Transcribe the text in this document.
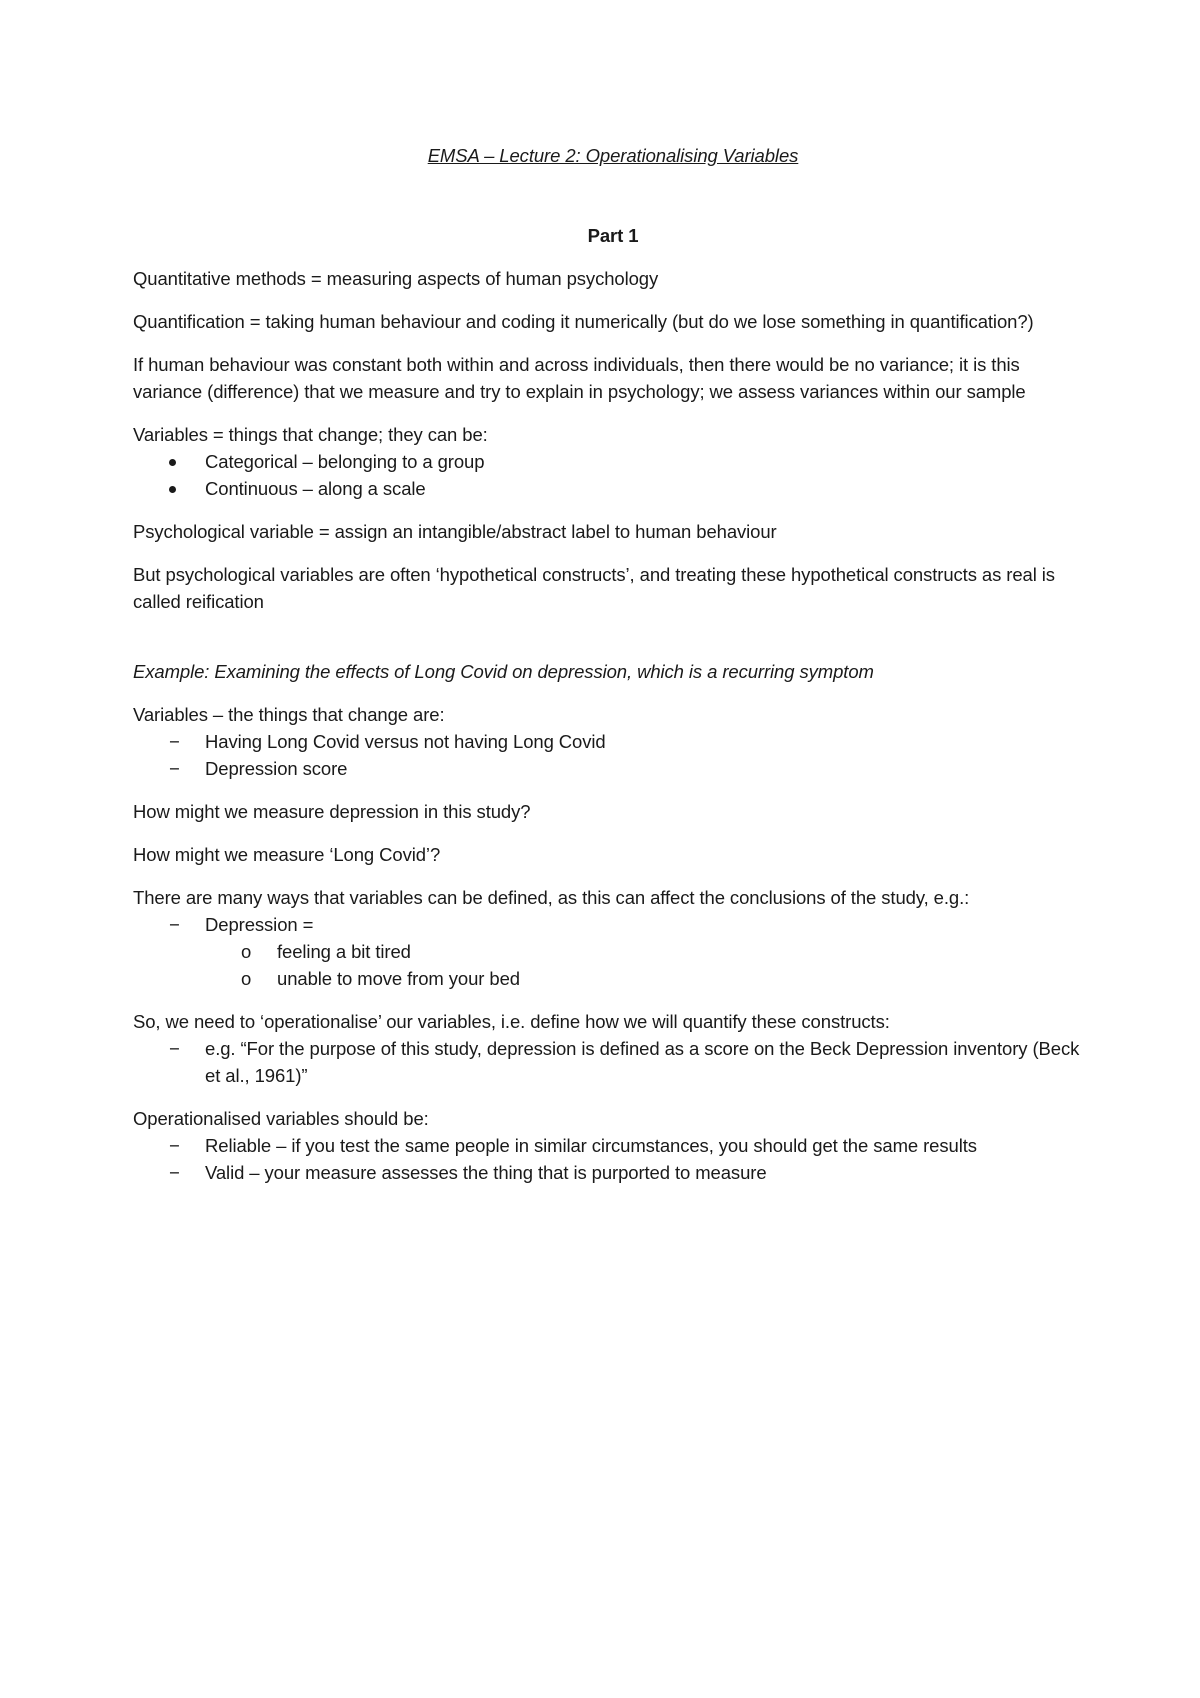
EMSA – Lecture 2: Operationalising Variables
Part 1

Quantitative methods = measuring aspects of human psychology

Quantification = taking human behaviour and coding it numerically (but do we lose something in quantification?)

If human behaviour was constant both within and across individuals, then there would be no variance; it is this variance (difference) that we measure and try to explain in psychology; we assess variances within our sample

Variables = things that change; they can be:

Categorical – belonging to a group
Continuous – along a scale

Psychological variable = assign an intangible/abstract label to human behaviour

But psychological variables are often ‘hypothetical constructs’, and treating these hypothetical constructs as real is called reification

Example: Examining the effects of Long Covid on depression, which is a recurring symptom

Variables – the things that change are:

−	Having Long Covid versus not having Long Covid
−	Depression score

How might we measure depression in this study?

How might we measure ‘Long Covid’?

There are many ways that variables can be defined, as this can affect the conclusions of the study, e.g.:

−	Depression =
o	feeling a bit tired
o	unable to move from your bed

So, we need to ‘operationalise’ our variables, i.e. define how we will quantify these constructs:

−	e.g. “For the purpose of this study, depression is defined as a score on the Beck Depression inventory (Beck et al., 1961)”

Operationalised variables should be:

−	Reliable – if you test the same people in similar circumstances, you should get the same results
−	Valid – your measure assesses the thing that is purported to measure
